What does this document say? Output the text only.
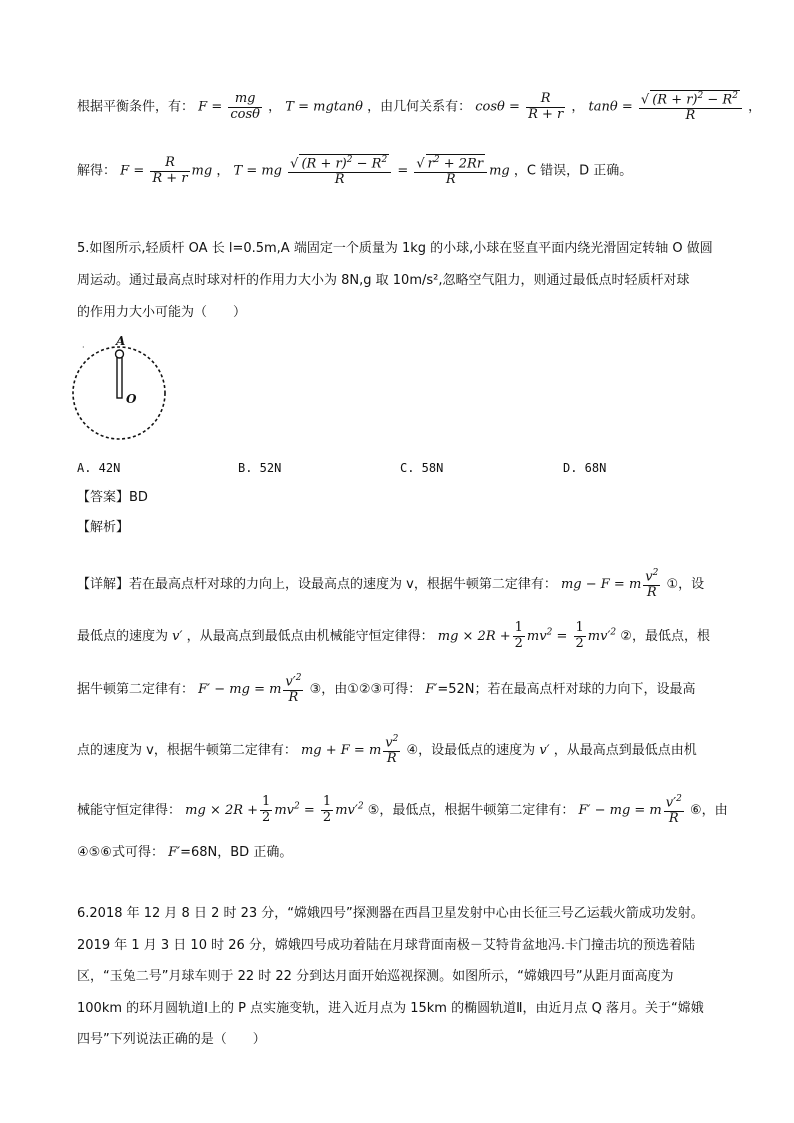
根据平衡条件，有： $F = \frac{mg}{\cos\theta}$ ， T = mgtanθ ，由几何关系有： $\cos\theta = \frac{R}{R + r}$ ， $\tan\theta = \frac{√ (R + r)^2 - R^2}{R}$ ，
解得： $F = \frac{R}{R + r}$ mg ， T = mg $\frac{√ (R + r)^2 - R^2}{R} = \frac{√ r^2 + 2Rr}{R}$ mg ，C 错误，D 正确。
5.如图所示,轻质杆 OA 长 l=0.5m,A 端固定一个质量为 1kg 的小球,小球在竖直平面内绕光滑固定转轴 O 做圆
周运动。通过最高点时球对杆的作用力大小为 8N,g 取 10m/s²,忽略空气阻力，则通过最低点时轻质杆对球
的作用力大小可能为（　　）
·	A
O
A. 42N	B. 52N	C. 58N	D. 68N
【答案】BD
【解析】
【详解】若在最高点杆对球的力向上，设最高点的速度为 v，根据牛顿第二定律有： mg − F = m $\frac{v^2}{R}$ ①，设
最低点的速度为 v′ ，从最高点到最低点由机械能守恒定律得： mg × $2R + \frac{1}{2} mv^2 = \frac{1}{2} mv'^2$ ②，最低点，根
据牛顿第二定律有： F′ − mg = m $\frac{v'^2}{R}$ ③，由①②③可得： F′=52N；若在最高点杆对球的力向下，设最高
点的速度为 v，根据牛顿第二定律有： mg + F = m $\frac{v^2}{R}$ ④，设最低点的速度为 v′ ，从最高点到最低点由机
械能守恒定律得： mg × $2R + \frac{1}{2} mv^2 = \frac{1}{2} mv'^2$ ⑤，最低点，根据牛顿第二定律有： F′ − mg = m $\frac{v'^2}{R}$ ⑥，由
④⑤⑥式可得： F′=68N，BD 正确。
6.2018 年 12 月 8 日 2 时 23 分，“嫦娥四号”探测器在西昌卫星发射中心由长征三号乙运载火箭成功发射。
2019 年 1 月 3 日 10 时 26 分，嫦娥四号成功着陆在月球背面南极－艾特肯盆地冯.卡门撞击坑的预选着陆
区，“玉兔二号”月球车则于 22 时 22 分到达月面开始巡视探测。如图所示，“嫦娥四号”从距月面高度为
100km 的环月圆轨道Ⅰ上的 P 点实施变轨，进入近月点为 15km 的椭圆轨道Ⅱ，由近月点 Q 落月。关于“嫦娥
四号”下列说法正确的是（　　）
